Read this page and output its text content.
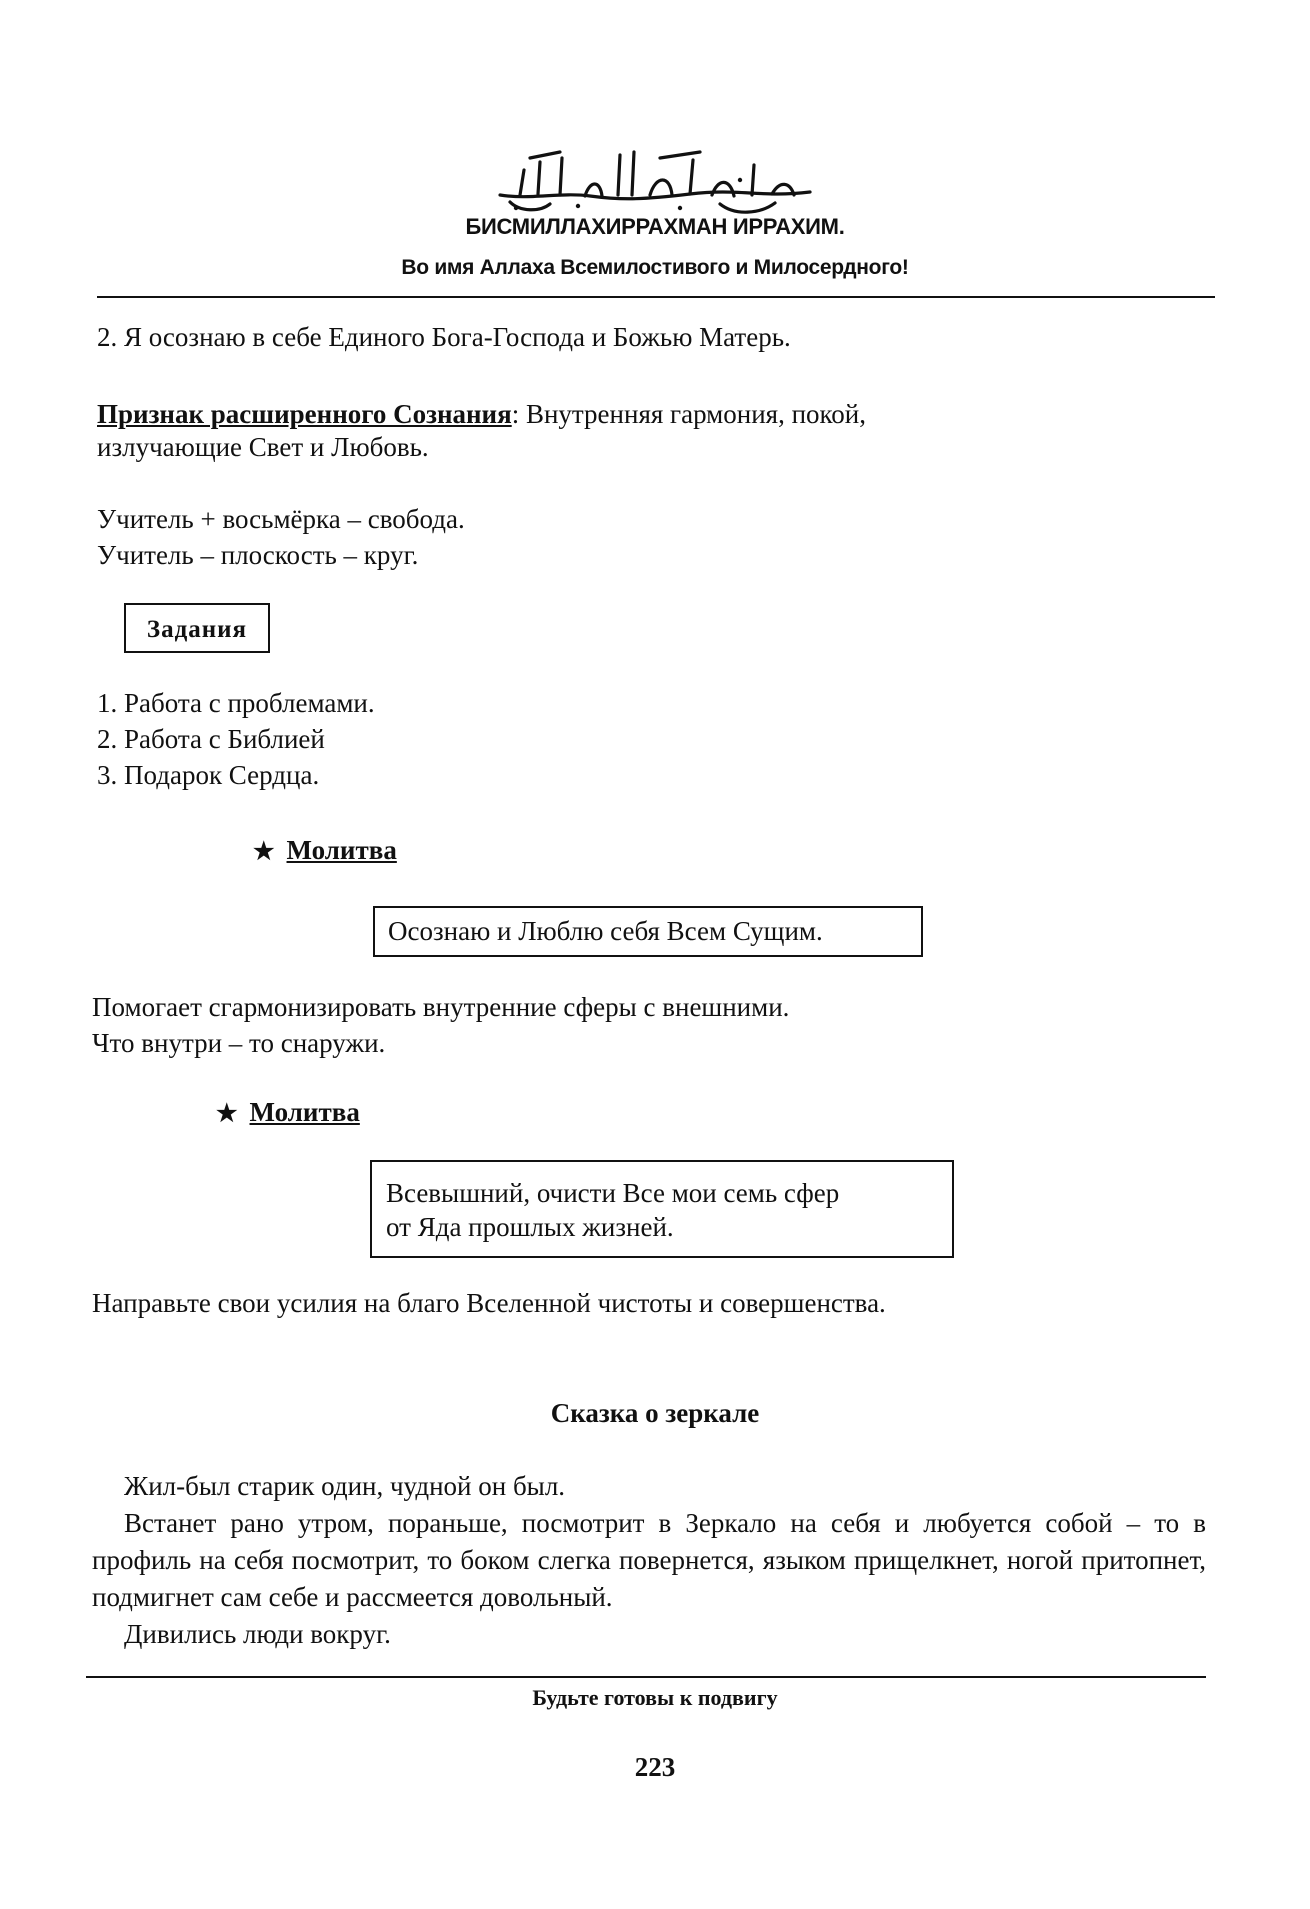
БИСМИЛЛАХИРРАХМАН ИРРАХИМ.
Во имя Аллаха Всемилостивого и Милосердного!
2. Я осознаю в себе Единого Бога-Господа и Божью Матерь.
Признак расширенного Сознания: Внутренняя гармония, покой,
излучающие Свет и Любовь.
Учитель + восьмёрка – свобода.
Учитель – плоскость – круг.
Задания
1. Работа с проблемами.
2. Работа с Библией
3. Подарок Сердца.
★ Молитва
Осознаю и Люблю себя Всем Сущим.
Помогает сгармонизировать внутренние сферы с внешними.
Что внутри – то снаружи.
★ Молитва
Всевышний, очисти Все мои семь сфер
от Яда прошлых жизней.
Направьте свои усилия на благо Вселенной чистоты и совершенства.
Сказка о зеркале

Жил-был старик один, чудной он был.

Встанет рано утром, пораньше, посмотрит в Зеркало на себя и любуется собой – то в профиль на себя посмотрит, то боком слегка повернется, языком прищелкнет, ногой притопнет, подмигнет сам себе и рассмеется довольный.

Дивились люди вокруг.

Будьте готовы к подвигу
223
